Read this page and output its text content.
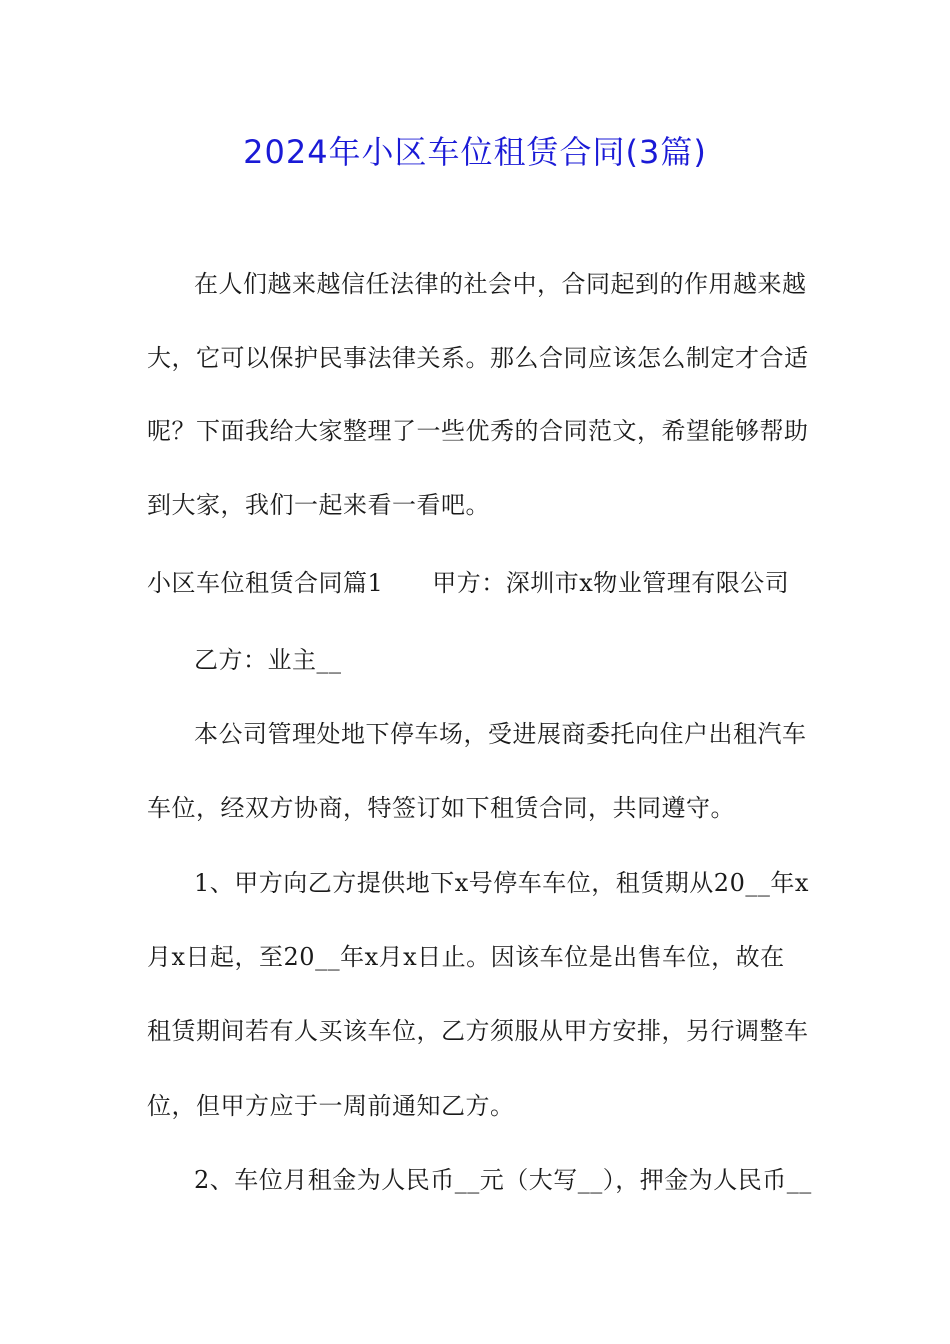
2024年小区车位租赁合同(3篇)
在人们越来越信任法律的社会中，合同起到的作用越来越
大，它可以保护民事法律关系。那么合同应该怎么制定才合适
呢？下面我给大家整理了一些优秀的合同范文，希望能够帮助
到大家，我们一起来看一看吧。
小区车位租赁合同篇1　　甲方：深圳市x物业管理有限公司
乙方：业主__
本公司管理处地下停车场，受进展商委托向住户出租汽车
车位，经双方协商，特签订如下租赁合同，共同遵守。
1、甲方向乙方提供地下x号停车车位，租赁期从20__年x
月x日起，至20__年x月x日止。因该车位是出售车位，故在
租赁期间若有人买该车位，乙方须服从甲方安排，另行调整车
位，但甲方应于一周前通知乙方。
2、车位月租金为人民币__元（大写__），押金为人民币__
